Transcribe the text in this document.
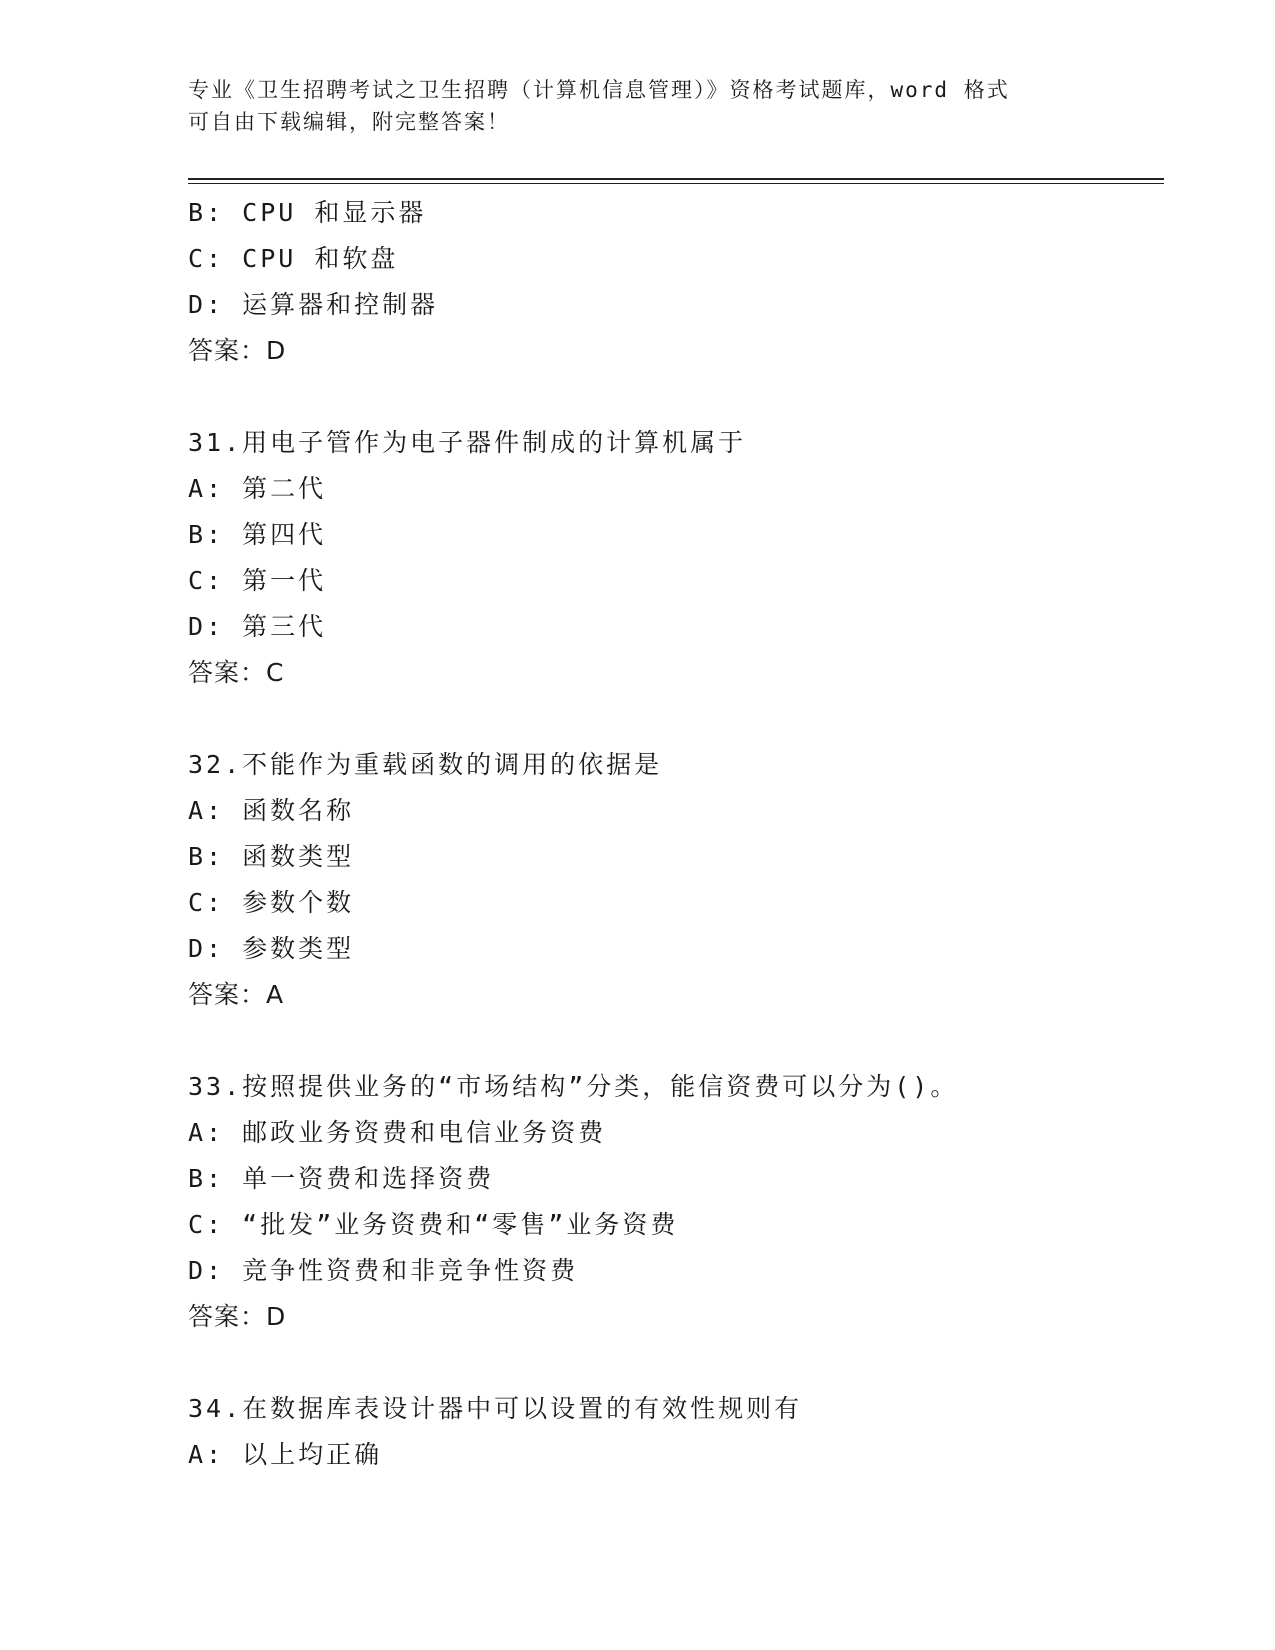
专业《卫生招聘考试之卫生招聘（计算机信息管理）》资格考试题库，word 格式
可自由下载编辑，附完整答案！
B: CPU 和显示器
C: CPU 和软盘
D: 运算器和控制器
答案：D
31.用电子管作为电子器件制成的计算机属于
A: 第二代
B: 第四代
C: 第一代
D: 第三代
答案：C
32.不能作为重载函数的调用的依据是
A: 函数名称
B: 函数类型
C: 参数个数
D: 参数类型
答案：A
33.按照提供业务的“市场结构”分类，能信资费可以分为()。
A: 邮政业务资费和电信业务资费
B: 单一资费和选择资费
C: “批发”业务资费和“零售”业务资费
D: 竞争性资费和非竞争性资费
答案：D
34.在数据库表设计器中可以设置的有效性规则有
A: 以上均正确
